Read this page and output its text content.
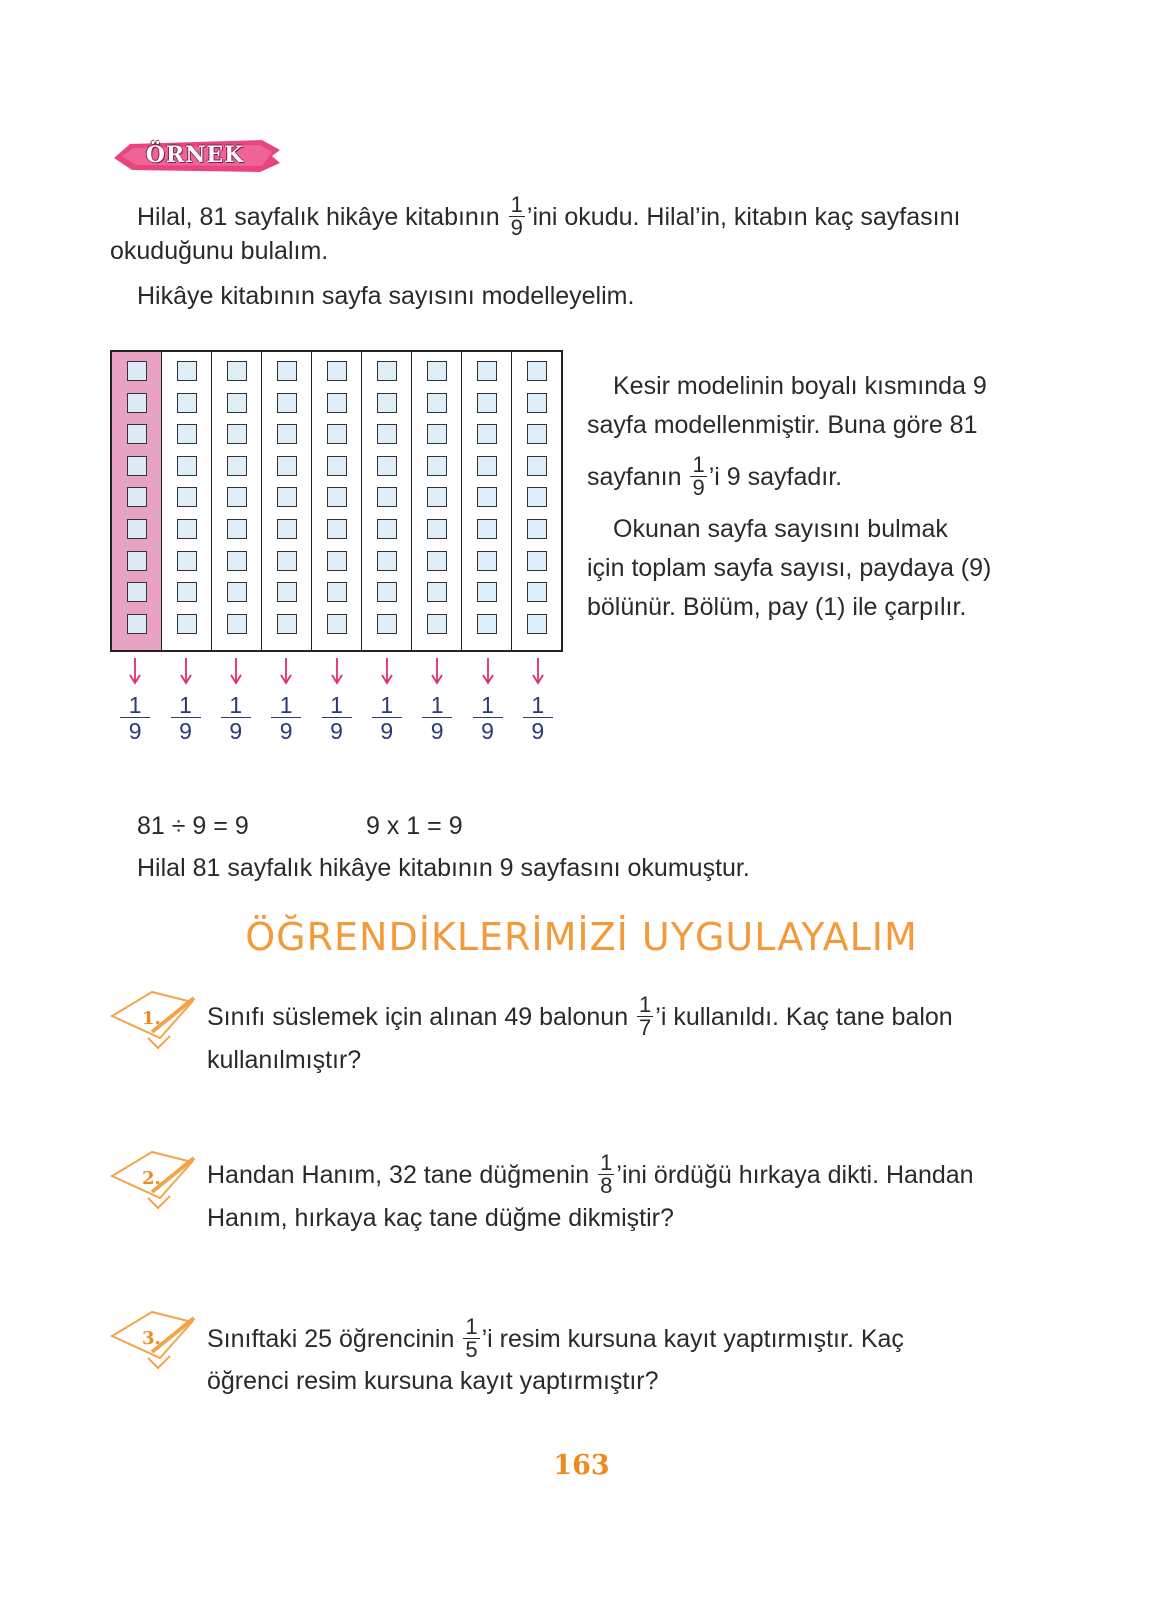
ÖRNEK
Hilal, 81 sayfalık hikâye kitabının $\frac{1}{9}$ ’ini okudu. Hilal’in, kitabın kaç sayfasını
okuduğunu bulalım.
Hikâye kitabının sayfa sayısını modelleyelim.
$\frac{1}{9} \frac{1}{9} \frac{1}{9} \frac{1}{9} \frac{1}{9} \frac{1}{9} \frac{1}{9} \frac{1}{9} \frac{1}{9}$
Kesir modelinin boyalı kısmında 9
sayfa modellenmiştir. Buna göre 81
sayfanın $\frac{1}{9}$ ’i 9 sayfadır.
Okunan sayfa sayısını bulmak
için toplam sayfa sayısı, paydaya (9)
bölünür. Bölüm, pay (1) ile çarpılır.
81 ÷ 9 = 9	9 x 1 = 9
Hilal 81 sayfalık hikâye kitabının 9 sayfasını okumuştur.
ÖĞRENDİKLERİMİZİ UYGULAYALIM
1. Sınıfı süslemek için alınan 49 balonun $\frac{1}{7}$ ’i kullanıldı. Kaç tane balon
kullanılmıştır?
2. Handan Hanım, 32 tane düğmenin $\frac{1}{8}$ ’ini ördüğü hırkaya dikti. Handan
Hanım, hırkaya kaç tane düğme dikmiştir?
3. Sınıftaki 25 öğrencinin $\frac{1}{5}$ ’i resim kursuna kayıt yaptırmıştır. Kaç
öğrenci resim kursuna kayıt yaptırmıştır?
163
